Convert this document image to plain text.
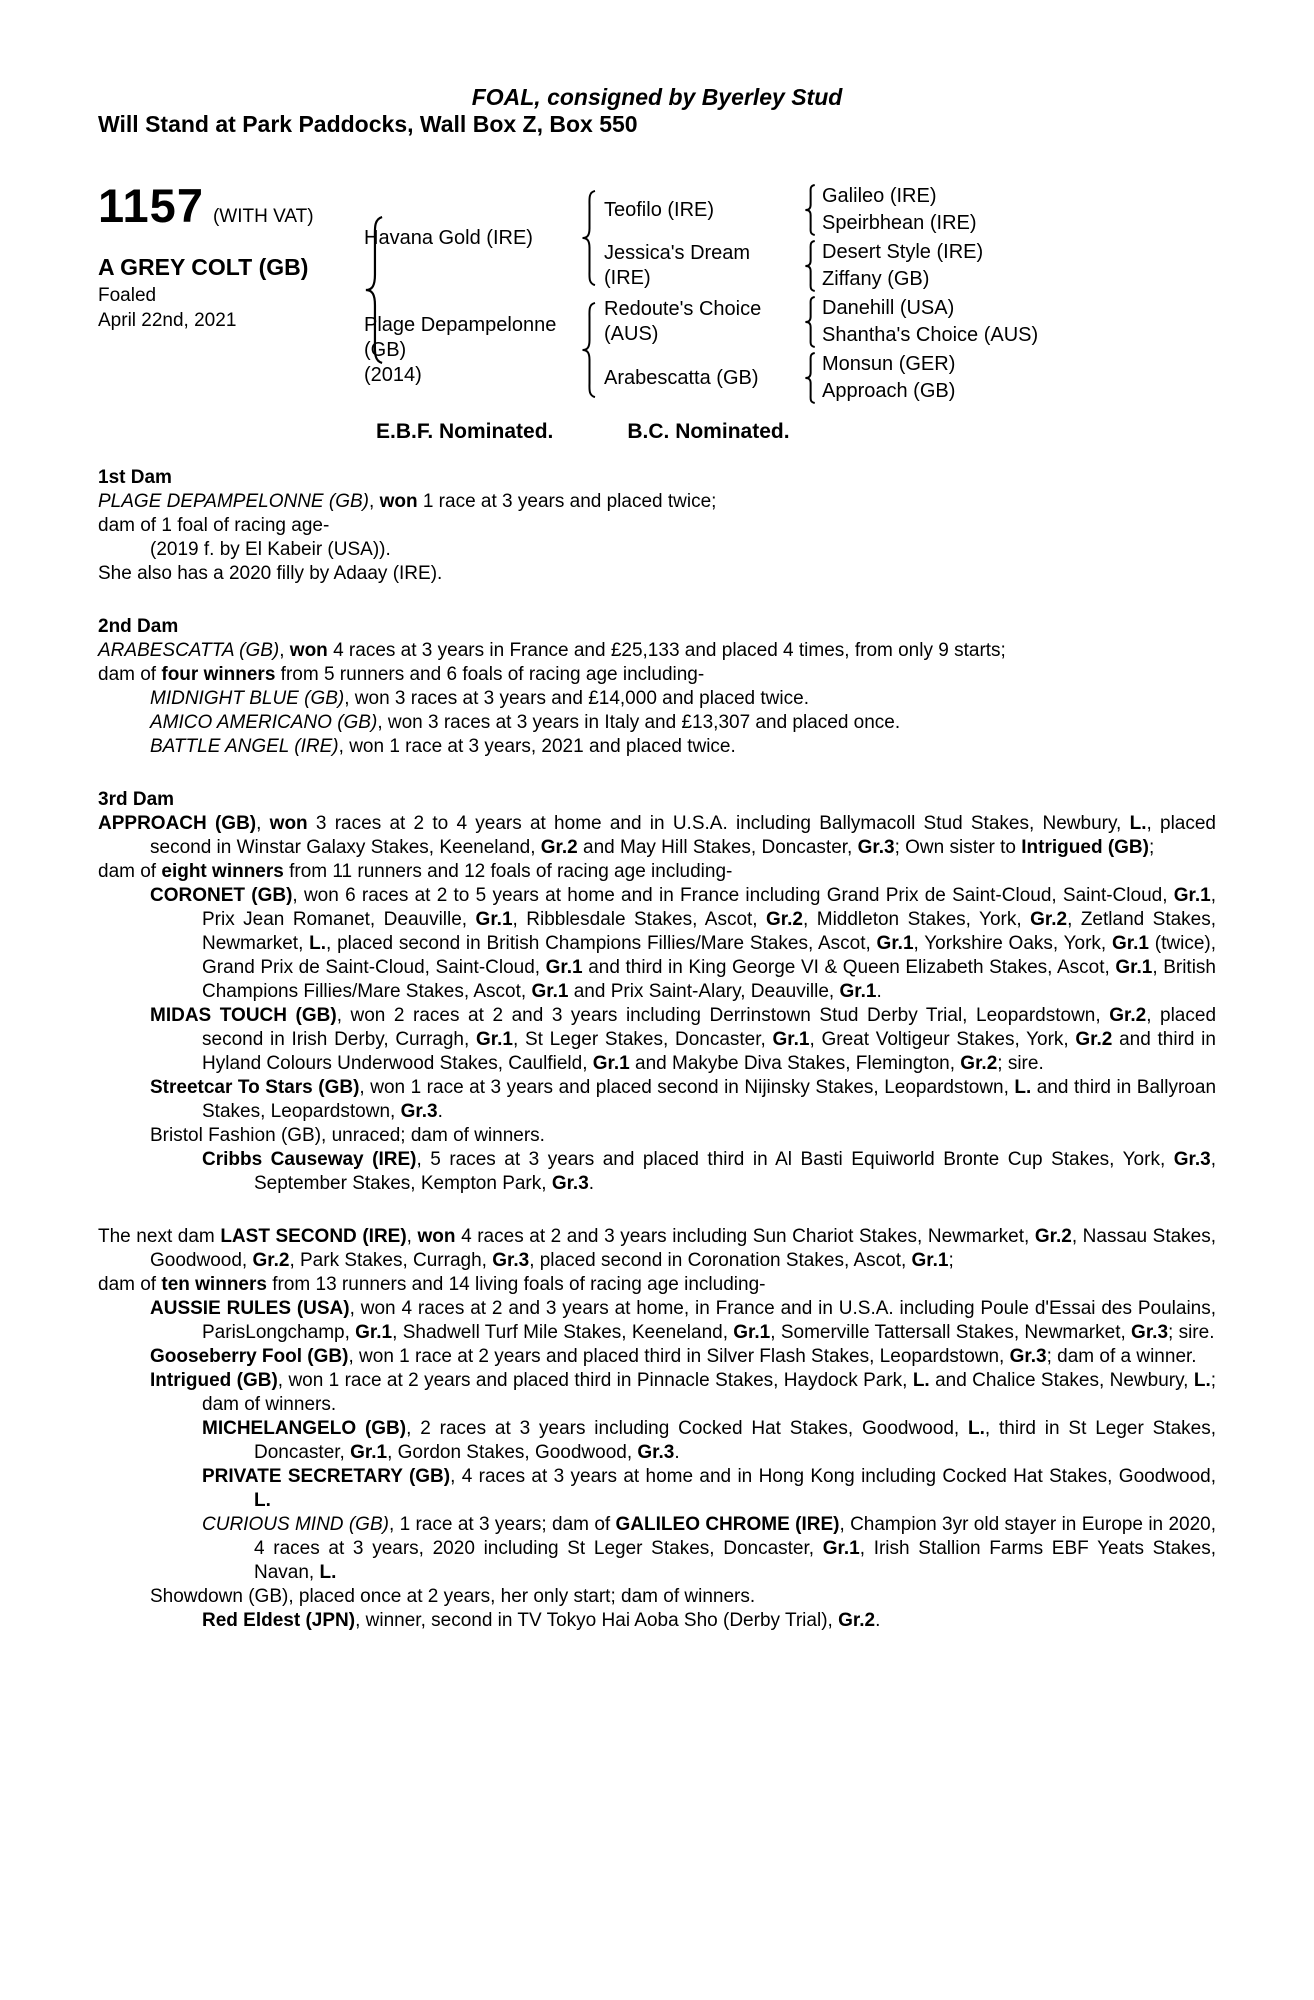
FOAL, consigned by Byerley Stud
Will Stand at Park Paddocks, Wall Box Z, Box 550
1157 (WITH VAT)
A GREY COLT (GB)
Foaled
April 22nd, 2021
Havana Gold (IRE)
Teofilo (IRE)
Galileo (IRE)
Speirbhean (IRE)
Jessica's Dream (IRE)
Desert Style (IRE)
Ziffany (GB)
Plage Depampelonne (GB)
(2014)
Redoute's Choice (AUS)
Danehill (USA)
Shantha's Choice (AUS)
Arabescatta (GB)
Monsun (GER)
Approach (GB)
E.B.F. Nominated.	B.C. Nominated.
1st Dam

PLAGE DEPAMPELONNE (GB), won 1 race at 3 years and placed twice;

dam of 1 foal of racing age-

(2019 f. by El Kabeir (USA)).

She also has a 2020 filly by Adaay (IRE).

2nd Dam

ARABESCATTA (GB), won 4 races at 3 years in France and £25,133 and placed 4 times, from only 9 starts;

dam of four winners from 5 runners and 6 foals of racing age including-

MIDNIGHT BLUE (GB), won 3 races at 3 years and £14,000 and placed twice.

AMICO AMERICANO (GB), won 3 races at 3 years in Italy and £13,307 and placed once.

BATTLE ANGEL (IRE), won 1 race at 3 years, 2021 and placed twice.

3rd Dam

APPROACH (GB), won 3 races at 2 to 4 years at home and in U.S.A. including Ballymacoll Stud Stakes, Newbury, L., placed second in Winstar Galaxy Stakes, Keeneland, Gr.2 and May Hill Stakes, Doncaster, Gr.3; Own sister to Intrigued (GB);

dam of eight winners from 11 runners and 12 foals of racing age including-

CORONET (GB), won 6 races at 2 to 5 years at home and in France including Grand Prix de Saint-Cloud, Saint-Cloud, Gr.1, Prix Jean Romanet, Deauville, Gr.1, Ribblesdale Stakes, Ascot, Gr.2, Middleton Stakes, York, Gr.2, Zetland Stakes, Newmarket, L., placed second in British Champions Fillies/Mare Stakes, Ascot, Gr.1, Yorkshire Oaks, York, Gr.1 (twice), Grand Prix de Saint-Cloud, Saint-Cloud, Gr.1 and third in King George VI & Queen Elizabeth Stakes, Ascot, Gr.1, British Champions Fillies/Mare Stakes, Ascot, Gr.1 and Prix Saint-Alary, Deauville, Gr.1.

MIDAS TOUCH (GB), won 2 races at 2 and 3 years including Derrinstown Stud Derby Trial, Leopardstown, Gr.2, placed second in Irish Derby, Curragh, Gr.1, St Leger Stakes, Doncaster, Gr.1, Great Voltigeur Stakes, York, Gr.2 and third in Hyland Colours Underwood Stakes, Caulfield, Gr.1 and Makybe Diva Stakes, Flemington, Gr.2; sire.

Streetcar To Stars (GB), won 1 race at 3 years and placed second in Nijinsky Stakes, Leopardstown, L. and third in Ballyroan Stakes, Leopardstown, Gr.3.

Bristol Fashion (GB), unraced; dam of winners.

Cribbs Causeway (IRE), 5 races at 3 years and placed third in Al Basti Equiworld Bronte Cup Stakes, York, Gr.3, September Stakes, Kempton Park, Gr.3.

The next dam LAST SECOND (IRE), won 4 races at 2 and 3 years including Sun Chariot Stakes, Newmarket, Gr.2, Nassau Stakes, Goodwood, Gr.2, Park Stakes, Curragh, Gr.3, placed second in Coronation Stakes, Ascot, Gr.1;

dam of ten winners from 13 runners and 14 living foals of racing age including-

AUSSIE RULES (USA), won 4 races at 2 and 3 years at home, in France and in U.S.A. including Poule d'Essai des Poulains, ParisLongchamp, Gr.1, Shadwell Turf Mile Stakes, Keeneland, Gr.1, Somerville Tattersall Stakes, Newmarket, Gr.3; sire.

Gooseberry Fool (GB), won 1 race at 2 years and placed third in Silver Flash Stakes, Leopardstown, Gr.3; dam of a winner.

Intrigued (GB), won 1 race at 2 years and placed third in Pinnacle Stakes, Haydock Park, L. and Chalice Stakes, Newbury, L.; dam of winners.

MICHELANGELO (GB), 2 races at 3 years including Cocked Hat Stakes, Goodwood, L., third in St Leger Stakes, Doncaster, Gr.1, Gordon Stakes, Goodwood, Gr.3.

PRIVATE SECRETARY (GB), 4 races at 3 years at home and in Hong Kong including Cocked Hat Stakes, Goodwood, L.

CURIOUS MIND (GB), 1 race at 3 years; dam of GALILEO CHROME (IRE), Champion 3yr old stayer in Europe in 2020, 4 races at 3 years, 2020 including St Leger Stakes, Doncaster, Gr.1, Irish Stallion Farms EBF Yeats Stakes, Navan, L.

Showdown (GB), placed once at 2 years, her only start; dam of winners.

Red Eldest (JPN), winner, second in TV Tokyo Hai Aoba Sho (Derby Trial), Gr.2.
